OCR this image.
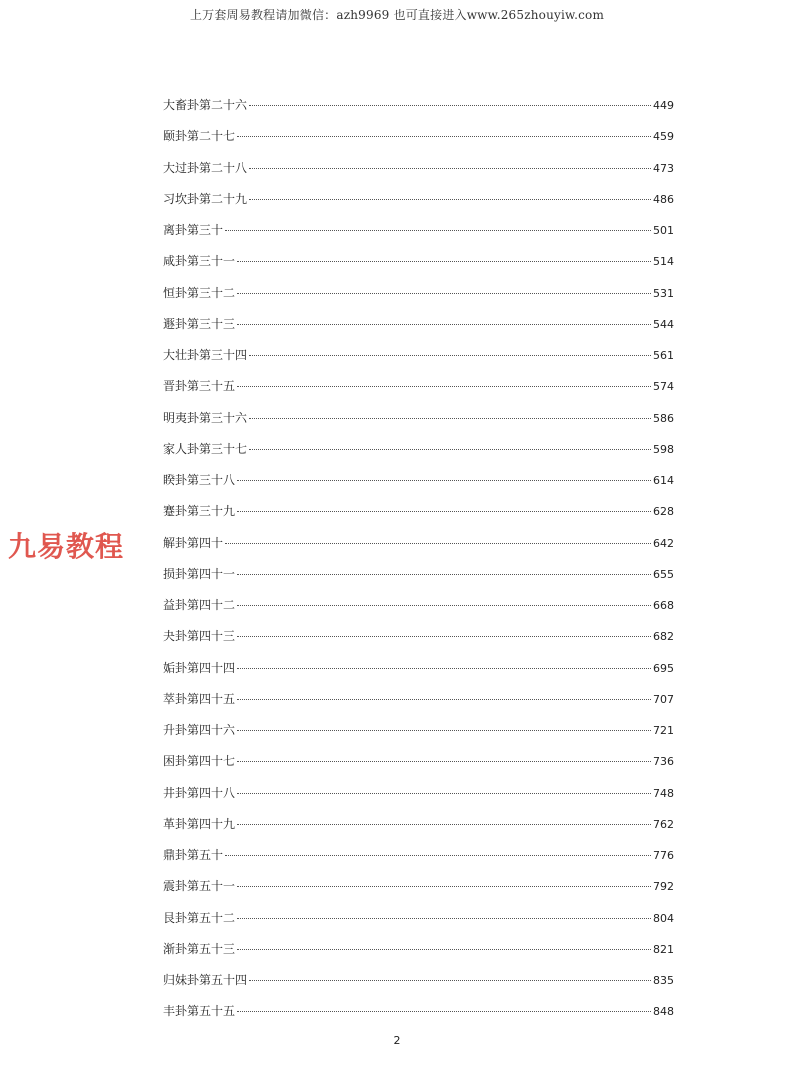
上万套周易教程请加微信：azh9969 也可直接进入www.265zhouyiw.com
九易教程
大畜卦第二十六	449
颐卦第二十七	459
大过卦第二十八	473
习坎卦第二十九	486
离卦第三十	501
咸卦第三十一	514
恒卦第三十二	531
遯卦第三十三	544
大壮卦第三十四	561
晋卦第三十五	574
明夷卦第三十六	586
家人卦第三十七	598
睽卦第三十八	614
蹇卦第三十九	628
解卦第四十	642
损卦第四十一	655
益卦第四十二	668
夬卦第四十三	682
姤卦第四十四	695
萃卦第四十五	707
升卦第四十六	721
困卦第四十七	736
井卦第四十八	748
革卦第四十九	762
鼎卦第五十	776
震卦第五十一	792
艮卦第五十二	804
渐卦第五十三	821
归妹卦第五十四	835
丰卦第五十五	848
2
